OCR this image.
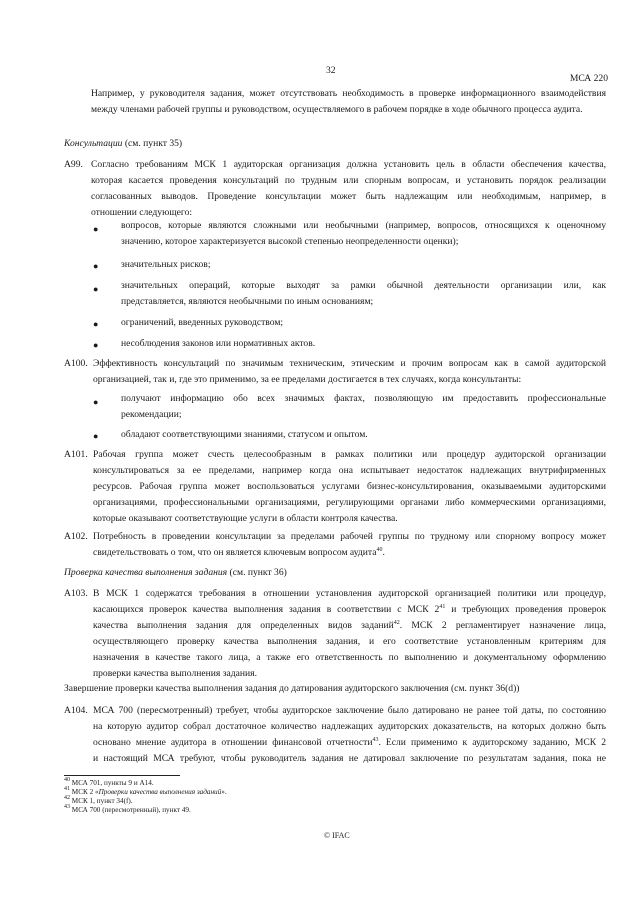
32
МСА 220
Например, у руководителя задания, может отсутствовать необходимость в проверке информационного взаимодействия
между членами рабочей группы и руководством, осуществляемого в рабочем порядке в ходе обычного процесса аудита.
Консультации (см. пункт 35)
A99. Согласно требованиям МСК 1 аудиторская организация должна установить цель в области обеспечения качества,
которая касается проведения консультаций по трудным или спорным вопросам, и установить порядок реализации
согласованных выводов. Проведение консультации может быть надлежащим или необходимым, например, в
отношении следующего:
● вопросов, которые являются сложными или необычными (например, вопросов, относящихся к оценочному
значению, которое характеризуется высокой степенью неопределенности оценки);
● значительных рисков;
● значительных операций, которые выходят за рамки обычной деятельности организации или, как
представляется, являются необычными по иным основаниям;
● ограничений, введенных руководством;
● несоблюдения законов или нормативных актов.
A100. Эффективность консультаций по значимым техническим, этическим и прочим вопросам как в самой аудиторской
организацией, так и, где это применимо, за ее пределами достигается в тех случаях, когда консультанты:
● получают информацию обо всех значимых фактах, позволяющую им предоставить профессиональные
рекомендации;
● обладают соответствующими знаниями, статусом и опытом.
A101. Рабочая группа может счесть целесообразным в рамках политики или процедур аудиторской организации
консультироваться за ее пределами, например когда она испытывает недостаток надлежащих внутрифирменных
ресурсов. Рабочая группа может воспользоваться услугами бизнес-консультирования, оказываемыми аудиторскими
организациями, профессиональными организациями, регулирующими органами либо коммерческими организациями,
которые оказывают соответствующие услуги в области контроля качества.
A102. Потребность в проведении консультации за пределами рабочей группы по трудному или спорному вопросу может
свидетельствовать о том, что он является ключевым вопросом аудита$^{40}$.
Проверка качества выполнения задания (см. пункт 36)
A103. В МСК 1 содержатся требования в отношении установления аудиторской организацией политики или процедур,
касающихся проверок качества выполнения задания в соответствии с МСК $2^{41}$ и требующих проведения проверок
качества выполнения задания для определенных видов заданий$^{42}$. МСК 2 регламентирует назначение лица,
осуществляющего проверку качества выполнения задания, и его соответствие установленным критериям для
назначения в качестве такого лица, а также его ответственность по выполнению и документальному оформлению
проверки качества выполнения задания.
Завершение проверки качества выполнения задания до датирования аудиторского заключения (см. пункт 36(d))
A104. МСА 700 (пересмотренный) требует, чтобы аудиторское заключение было датировано не ранее той даты, по состоянию
на которую аудитор собрал достаточное количество надлежащих аудиторских доказательств, на которых должно быть
основано мнение аудитора в отношении финансовой отчетности$^{43}$. Если применимо к аудиторскому заданию, МСК 2
и настоящий МСА требуют, чтобы руководитель задания не датировал заключение по результатам задания, пока не
$^{40}$ МСА 701, пункты 9 и A14.
$^{41}$ МСК 2 «Проверки качества выполнения заданий».
$^{42}$ МСК 1, пункт 34(f).
$^{43}$ МСА 700 (пересмотренный), пункт 49.
© IFAC
